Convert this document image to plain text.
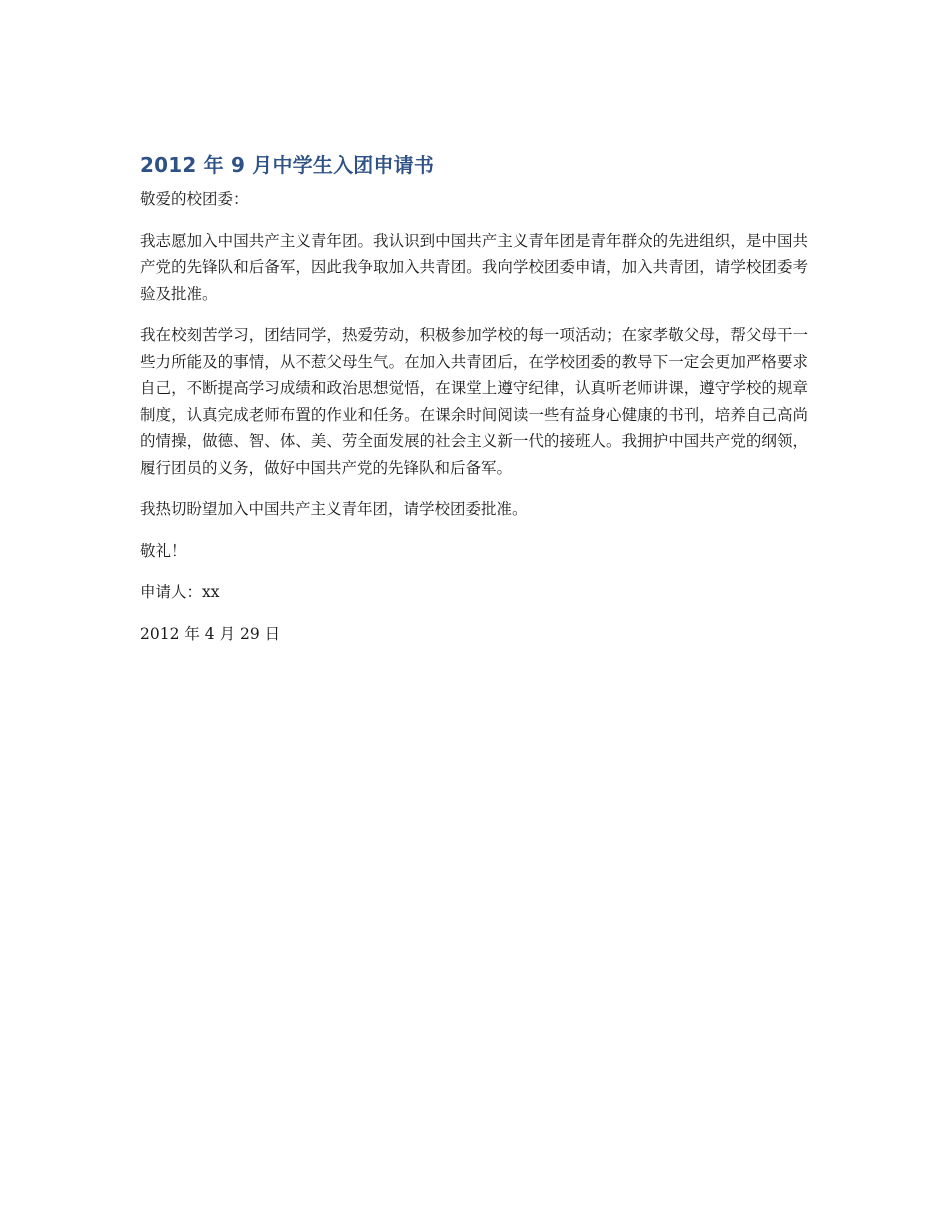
2012 年 9 月中学生入团申请书

敬爱的校团委：

我志愿加入中国共产主义青年团。我认识到中国共产主义青年团是青年群众的先进组织，是中国共产党的先锋队和后备军，因此我争取加入共青团。我向学校团委申请，加入共青团，请学校团委考验及批准。

我在校刻苦学习，团结同学，热爱劳动，积极参加学校的每一项活动；在家孝敬父母，帮父母干一些力所能及的事情，从不惹父母生气。在加入共青团后，在学校团委的教导下一定会更加严格要求自己，不断提高学习成绩和政治思想觉悟，在课堂上遵守纪律，认真听老师讲课，遵守学校的规章制度，认真完成老师布置的作业和任务。在课余时间阅读一些有益身心健康的书刊，培养自己高尚的情操，做德、智、体、美、劳全面发展的社会主义新一代的接班人。我拥护中国共产党的纲领，履行团员的义务，做好中国共产党的先锋队和后备军。

我热切盼望加入中国共产主义青年团，请学校团委批准。

敬礼！

申请人：xx

2012 年 4 月 29 日
